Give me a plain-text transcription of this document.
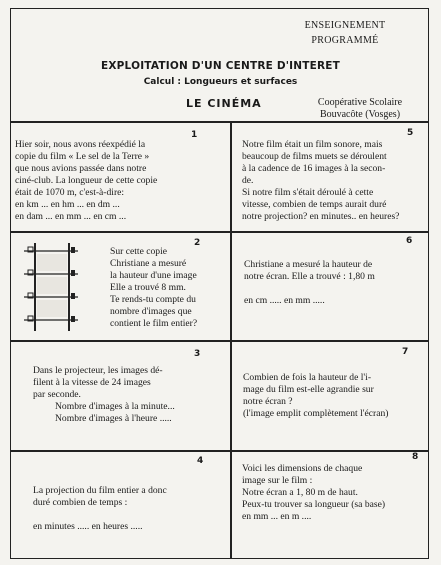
ENSEIGNEMENT
PROGRAMMÉ
EXPLOITATION D'UN CENTRE D'INTERET
Calcul : Longueurs et surfaces
LE CINÉMA	Coopérative Scolaire
Bouvacôte (Vosges)
1
Hier soir, nous avons réexpédié la
copie du film « Le sel de la Terre »
que nous avions passée dans notre
ciné-club. La longueur de cette copie
était de 1070 m, c'est-à-dire:
en km ... en hm ... en dm ...
en dam ... en mm ... en cm ...
5
Notre film était un film sonore, mais
beaucoup de films muets se déroulent
à la cadence de 16 images à la secon-
de.
Si notre film s'était déroulé à cette
vitesse, combien de temps aurait duré
notre projection? en minutes.. en heures?
2
Sur cette copie
Christiane a mesuré
la hauteur d'une image
Elle a trouvé 8 mm.
Te rends-tu compte du
nombre d'images que
contient le film entier?
6
Christiane a mesuré la hauteur de
notre écran. Elle a trouvé : 1,80 m
en cm ..... en mm .....
3
Dans le projecteur, les images dé-
filent à la vitesse de 24 images
par seconde.
Nombre d'images à la minute...
Nombre d'images à l'heure .....
7
Combien de fois la hauteur de l'i-
mage du film est-elle agrandie sur
notre écran ?
(l'image emplit complètement l'écran)
4
La projection du film entier a donc
duré combien de temps :
en minutes ..... en heures .....
8
Voici les dimensions de chaque
image sur le film :
Notre écran a 1, 80 m de haut.
Peux-tu trouver sa longueur (sa base)
en mm ... en m ....
